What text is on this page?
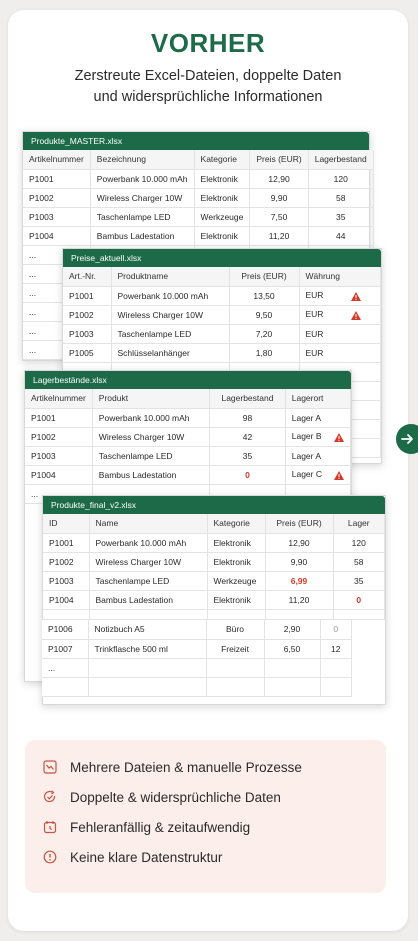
VORHER
Zerstreute Excel-Dateien, doppelte Daten
und widersprüchliche Informationen
Produkte_MASTER.xlsx
Artikelnummer	Bezeichnung	Kategorie	Preis (EUR)	Lagerbestand
P1001	Powerbank 10.000 mAh	Elektronik	12,90	120
P1002	Wireless Charger 10W	Elektronik	9,90	58
P1003	Taschenlampe LED	Werkzeuge	7,50	35
P1004	Bambus Ladestation	Elektronik	11,20	44
...				
...				
...				
...				
...				
...				
Preise_aktuell.xlsx
Art.-Nr.	Produktname	Preis (EUR)	Währung
P1001	Powerbank 10.000 mAh	13,50	EUR

P1002	Wireless Charger 10W	9,50	EUR

P1003	Taschenlampe LED	7,20	EUR
P1005	Schlüsselanhänger	1,80	EUR

Lagerbestände.xlsx
Artikelnummer	Produkt	Lagerbestand	Lagerort
P1001	Powerbank 10.000 mAh	98	Lager A
P1002	Wireless Charger 10W	42	Lager B

P1003	Taschenlampe LED	35	Lager A
P1004	Bambus Ladestation	0	Lager C

...			
Produkte_final_v2.xlsx
ID	Name	Kategorie	Preis (EUR)	Lager
P1001	Powerbank 10.000 mAh	Elektronik	12,90	120
P1002	Wireless Charger 10W	Elektronik	9,90	58
P1003	Taschenlampe LED	Werkzeuge	6,99	35
P1004	Bambus Ladestation	Elektronik	11,20	0

P1006	Notizbuch A5	Büro	2,90	0
P1007	Trinkflasche 500 ml	Freizeit	6,50	12
...				

Mehrere Dateien & manuelle Prozesse
Doppelte & widersprüchliche Daten
Fehleranfällig & zeitaufwendig
Keine klare Datenstruktur
